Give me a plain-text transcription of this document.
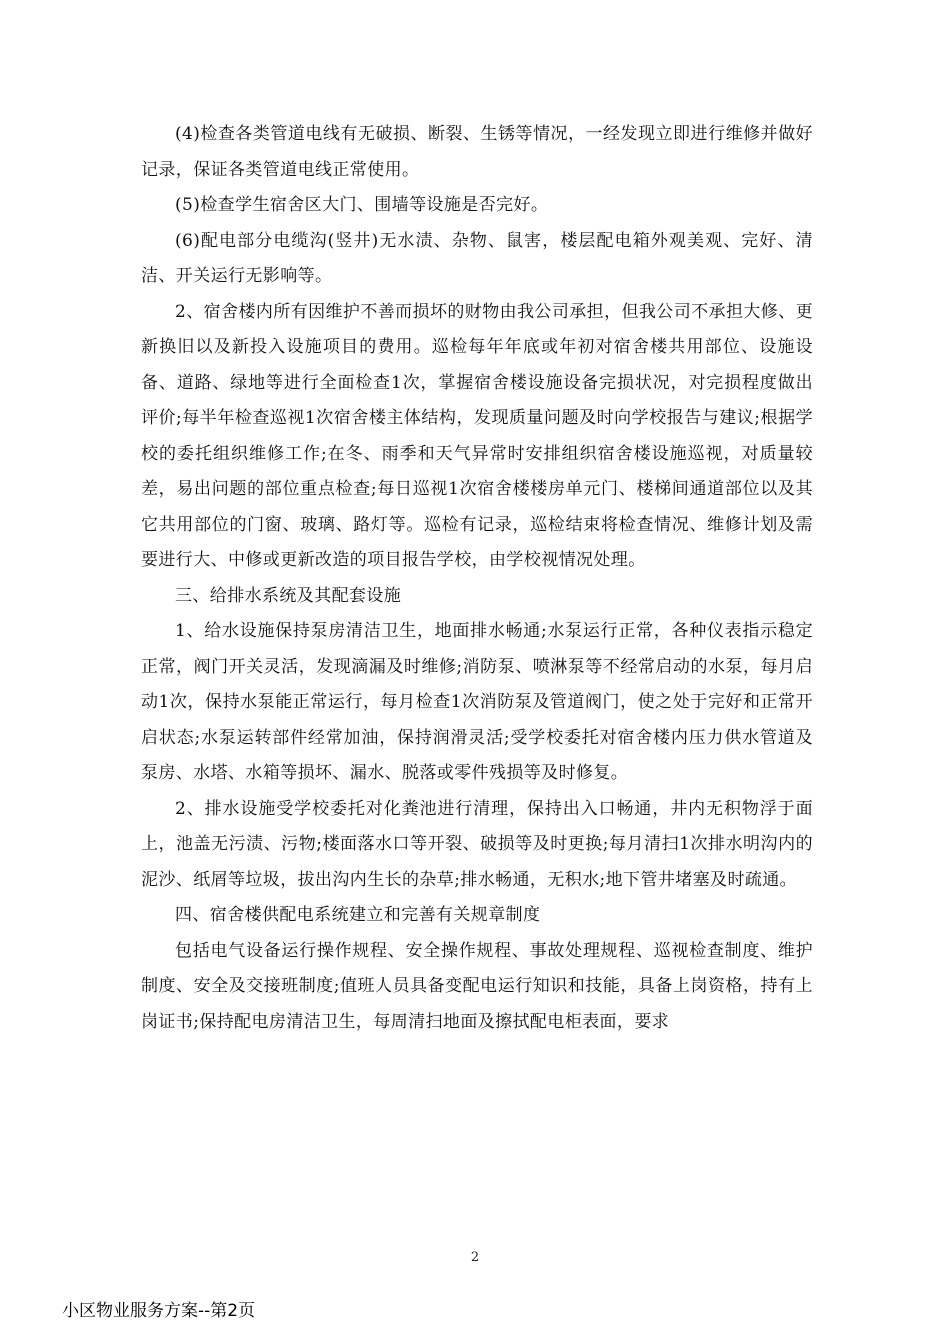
(4)检查各类管道电线有无破损、断裂、生锈等情况，一经发现立即进行维修并做好记录，保证各类管道电线正常使用。

(5)检查学生宿舍区大门、围墙等设施是否完好。

(6)配电部分电缆沟(竖井)无水渍、杂物、鼠害，楼层配电箱外观美观、完好、清洁、开关运行无影响等。

2、宿舍楼内所有因维护不善而损坏的财物由我公司承担，但我公司不承担大修、更新换旧以及新投入设施项目的费用。巡检每年年底或年初对宿舍楼共用部位、设施设备、道路、绿地等进行全面检查1次，掌握宿舍楼设施设备完损状况，对完损程度做出评价;每半年检查巡视1次宿舍楼主体结构，发现质量问题及时向学校报告与建议;根据学校的委托组织维修工作;在冬、雨季和天气异常时安排组织宿舍楼设施巡视，对质量较差，易出问题的部位重点检查;每日巡视1次宿舍楼楼房单元门、楼梯间通道部位以及其它共用部位的门窗、玻璃、路灯等。巡检有记录，巡检结束将检查情况、维修计划及需要进行大、中修或更新改造的项目报告学校，由学校视情况处理。

三、给排水系统及其配套设施

1、给水设施保持泵房清洁卫生，地面排水畅通;水泵运行正常，各种仪表指示稳定正常，阀门开关灵活，发现滴漏及时维修;消防泵、喷淋泵等不经常启动的水泵，每月启动1次，保持水泵能正常运行，每月检查1次消防泵及管道阀门，使之处于完好和正常开启状态;水泵运转部件经常加油，保持润滑灵活;受学校委托对宿舍楼内压力供水管道及泵房、水塔、水箱等损坏、漏水、脱落或零件残损等及时修复。

2、排水设施受学校委托对化粪池进行清理，保持出入口畅通，井内无积物浮于面上，池盖无污渍、污物;楼面落水口等开裂、破损等及时更换;每月清扫1次排水明沟内的泥沙、纸屑等垃圾，拔出沟内生长的杂草;排水畅通，无积水;地下管井堵塞及时疏通。

四、宿舍楼供配电系统建立和完善有关规章制度

包括电气设备运行操作规程、安全操作规程、事故处理规程、巡视检查制度、维护制度、安全及交接班制度;值班人员具备变配电运行知识和技能，具备上岗资格，持有上岗证书;保持配电房清洁卫生，每周清扫地面及擦拭配电柜表面，要求

2
小区物业服务方案--第2页
